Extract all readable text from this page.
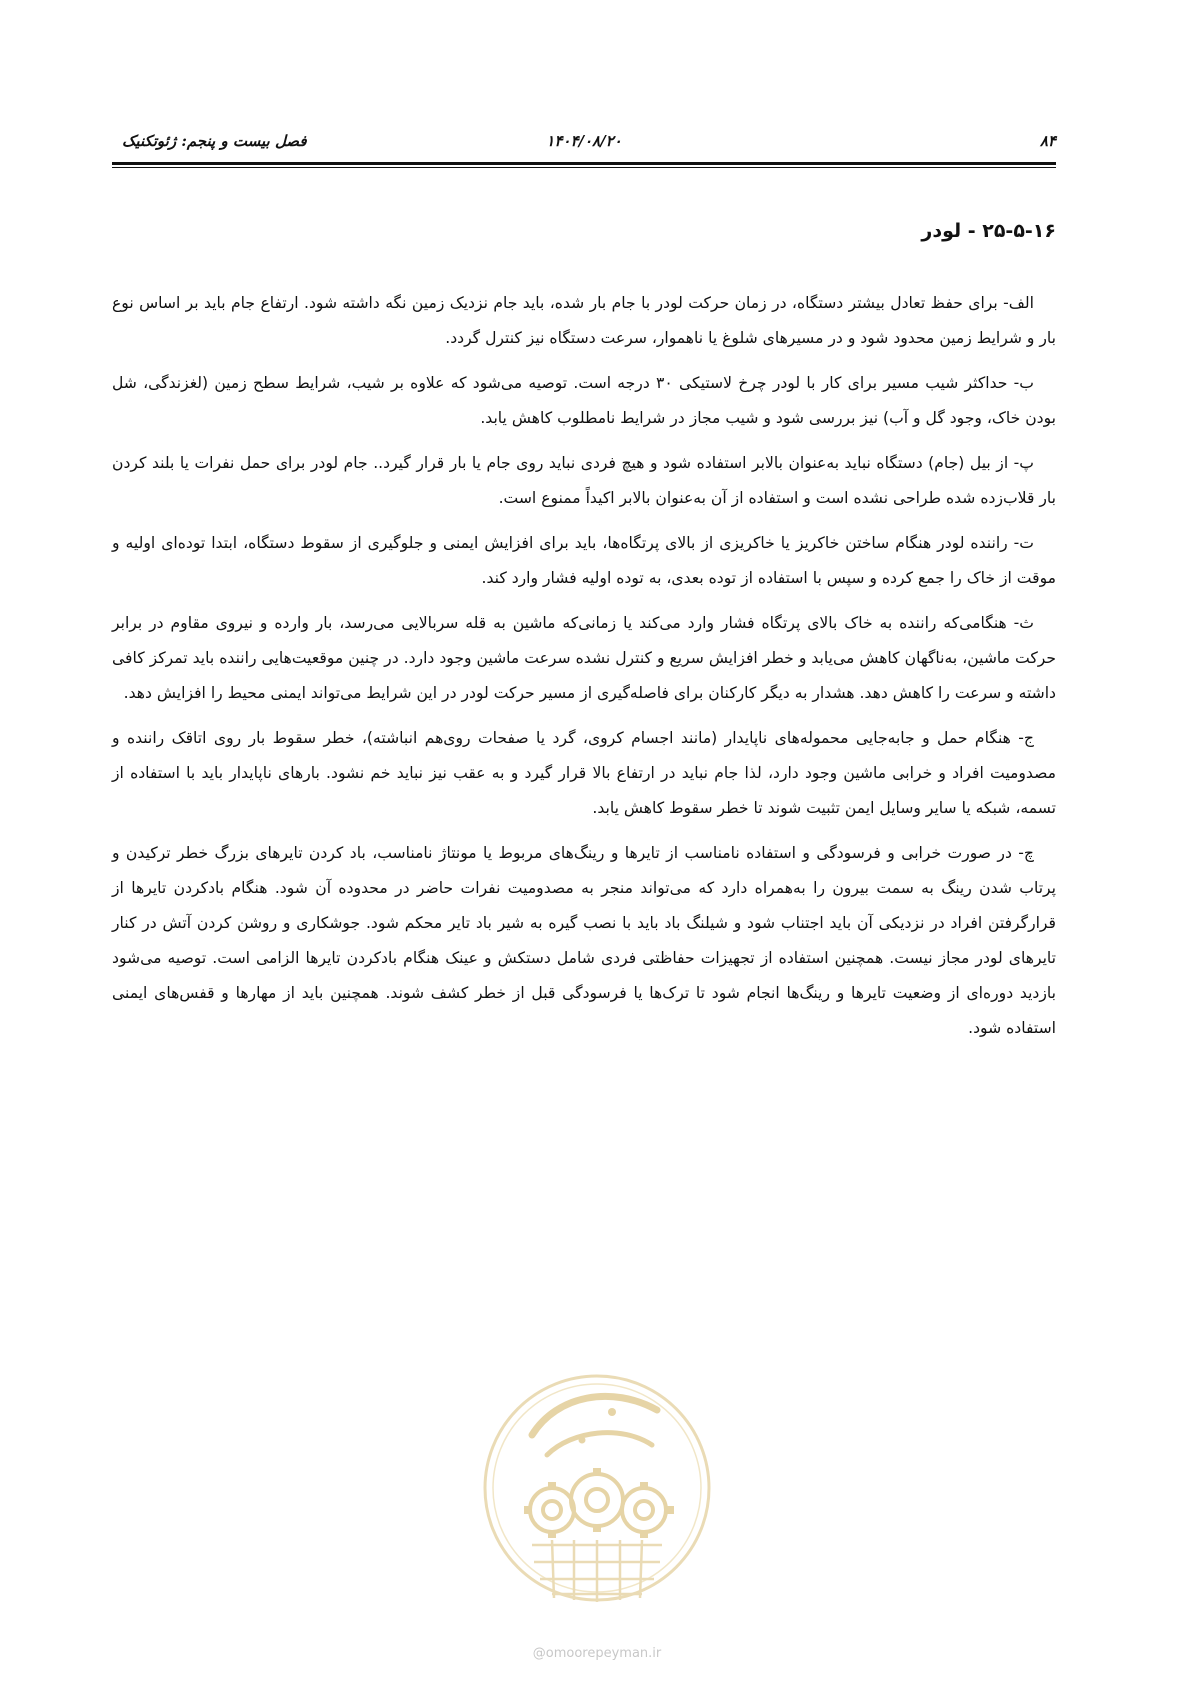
فصل بیست و پنجم: ژئوتکنیک	۱۴۰۴/۰۸/۲۰	۸۴
۲۵-۵-۱۶ - لودر

الف- برای حفظ تعادل بیشتر دستگاه، در زمان حرکت لودر با جام بار شده، باید جام نزدیک زمین نگه داشته شود. ارتفاع جام باید بر اساس نوع بار و شرایط زمین محدود شود و در مسیرهای شلوغ یا ناهموار، سرعت دستگاه نیز کنترل گردد.

ب- حداکثر شیب مسیر برای کار با لودر چرخ لاستیکی ۳۰ درجه است. توصیه می‌شود که علاوه بر شیب، شرایط سطح زمین (لغزندگی، شل بودن خاک، وجود گل و آب) نیز بررسی شود و شیب مجاز در شرایط نامطلوب کاهش یابد.

پ- از بیل (جام) دستگاه نباید به‌عنوان بالابر استفاده شود و هیچ فردی نباید روی جام یا بار قرار گیرد.. جام لودر برای حمل نفرات یا بلند کردن بار قلاب‌زده شده طراحی نشده است و استفاده از آن به‌عنوان بالابر اکیداً ممنوع است.

ت- راننده لودر هنگام ساختن خاکریز یا خاکریزی از بالای پرتگاه‌ها، باید برای افزایش ایمنی و جلوگیری از سقوط دستگاه، ابتدا توده‌ای اولیه و موقت از خاک را جمع کرده و سپس با استفاده از توده بعدی، به توده اولیه فشار وارد کند.

ث- هنگامی‌که راننده به خاک بالای پرتگاه فشار وارد می‌کند یا زمانی‌که ماشین به قله سربالایی می‌رسد، بار وارده و نیروی مقاوم در برابر حرکت ماشین، به‌ناگهان کاهش می‌یابد و خطر افزایش سریع و کنترل نشده سرعت ماشین وجود دارد. در چنین موقعیت‌هایی راننده باید تمرکز کافی داشته و سرعت را کاهش دهد. هشدار به دیگر کارکنان برای فاصله‌گیری از مسیر حرکت لودر در این شرایط می‌تواند ایمنی محیط را افزایش دهد.

ج- هنگام حمل و جابه‌جایی محموله‌های ناپایدار (مانند اجسام کروی، گرد یا صفحات روی‌هم انباشته)، خطر سقوط بار روی اتاقک راننده و مصدومیت افراد و خرابی ماشین وجود دارد، لذا جام نباید در ارتفاع بالا قرار گیرد و به عقب نیز نباید خم نشود. بارهای ناپایدار باید با استفاده از تسمه، شبکه یا سایر وسایل ایمن تثبیت شوند تا خطر سقوط کاهش یابد.

چ- در صورت خرابی و فرسودگی و استفاده نامناسب از تایرها و رینگ‌های مربوط یا مونتاژ نامناسب، باد کردن تایرهای بزرگ خطر ترکیدن و پرتاب شدن رینگ به سمت بیرون را به‌همراه دارد که می‌تواند منجر به مصدومیت نفرات حاضر در محدوده آن شود. هنگام بادکردن تایرها از قرارگرفتن افراد در نزدیکی آن باید اجتناب شود و شیلنگ باد باید با نصب گیره به شیر باد تایر محکم شود. جوشکاری و روشن کردن آتش در کنار تایرهای لودر مجاز نیست. همچنین استفاده از تجهیزات حفاظتی فردی شامل دستکش و عینک هنگام بادکردن تایرها الزامی است. توصیه می‌شود بازدید دوره‌ای از وضعیت تایرها و رینگ‌ها انجام شود تا ترک‌ها یا فرسودگی قبل از خطر کشف شوند. همچنین باید از مهارها و قفس‌های ایمنی استفاده شود.

@omoorepeyman.ir
